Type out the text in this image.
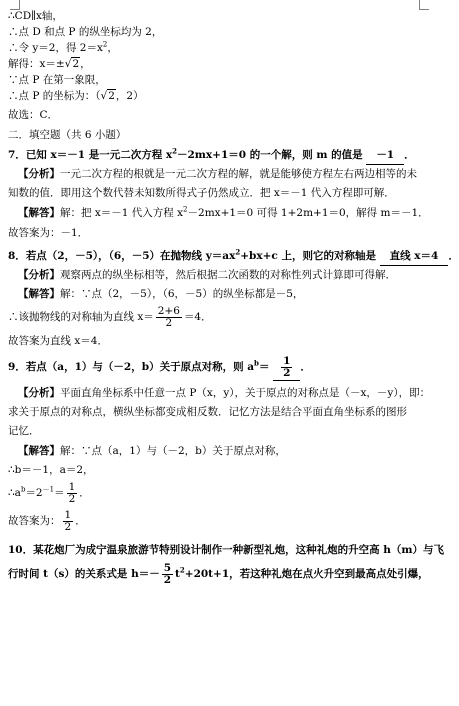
∴CD∥x轴，
∴点 D 和点 P 的纵坐标均为 2，
∴令 y＝2，得 $2=x^2$，
解得：x＝±√2，
∵点 P 在第一象限，
∴点 P 的坐标为：（√2，2）
故选：C．
二．填空题（共 6 小题）
7．已知 x＝－1 是一元二次方程 $x^2-2mx+1=0$ 的一个解，则 m 的值是 －1 ．
【分析】一元二次方程的根就是一元二次方程的解，就是能够使方程左右两边相等的未
知数的值．即用这个数代替未知数所得式子仍然成立．把 x＝－1 代入方程即可解．
【解答】解：把 x＝－1 代入方程 $x^2-2mx+1=0$ 可得 1+2m+1＝0，解得 m＝－1．
故答案为：－1．
8．若点（2，－5），（6，－5）在抛物线 $y=ax^2+bx+c$ 上，则它的对称轴是 直线 x＝4 ．
【分析】观察两点的纵坐标相等，然后根据二次函数的对称性列式计算即可得解．
【解答】解：∵点（2，－5），（6，－5）的纵坐标都是－5，
∴该抛物线的对称轴为直线 $x= \frac{2+6}{2} =4$．
故答案为直线 x＝4．
9．若点（a，1）与（－2，b）关于原点对称，则 $a^b= \frac{1}{2}$ ．
【分析】平面直角坐标系中任意一点 P（x，y），关于原点的对称点是（－x，－y），即：
求关于原点的对称点，横纵坐标都变成相反数．记忆方法是结合平面直角坐标系的图形
记忆．
【解答】解：∵点（a，1）与（－2，b）关于原点对称，
∴b＝－1，a＝2，
$\therefore a^b=2^{-1}= \frac{1}{2}$ ．
故答案为： $\frac{1}{2}$ ．
10．某花炮厂为成宁温泉旅游节特别设计制作一种新型礼炮，这种礼炮的升空高 h（m）与飞
行时间 t（s）的关系式是 $h=- \frac{5}{2} t^2+20t+1$，若这种礼炮在点火升空到最高点处引爆，
